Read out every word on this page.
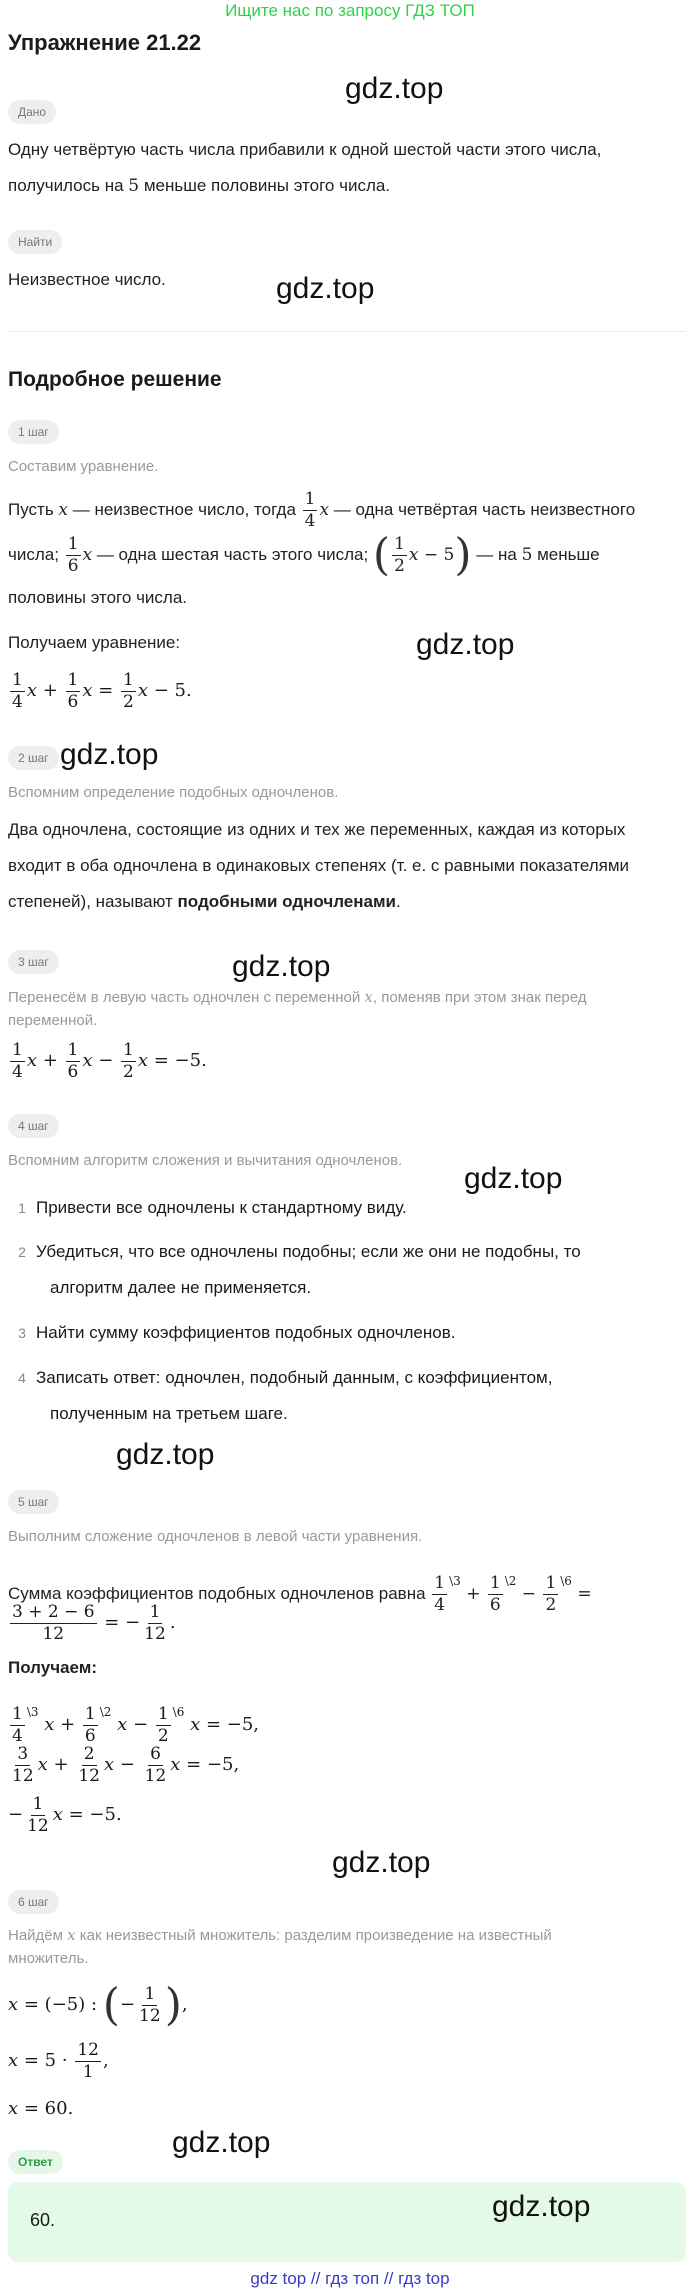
Ищите нас по запросу ГДЗ ТОП
Упражнение 21.22
gdz.top
Дано
Одну четвёртую часть числа прибавили к одной шестой части этого числа,
получилось на 5 меньше половины этого числа.
Найти
Неизвестное число.	gdz.top
Подробное решение
1 шаг
Составим уравнение.
Пусть x — неизвестное число, тогда $\frac{1}{4}$ x — одна четвёртая часть неизвестного
числа; $\frac{1}{6}$ x — одна шестая часть этого числа; ( $\frac{1}{2}$ x − 5) — на 5 меньше
половины этого числа.
Получаем уравнение:	gdz.top
$\frac{1}{4}$ $x + \frac{1}{6}$ $x = \frac{1}{2}$ x − 5.
2 шаг gdz.top
Вспомним определение подобных одночленов.
Два одночлена, состоящие из одних и тех же переменных, каждая из которых
входит в оба одночлена в одинаковых степенях (т. е. с равными показателями
степеней), называют подобными одночленами.
3 шаг	gdz.top
Перенесём в левую часть одночлен с переменной x, поменяв при этом знак перед
переменной.
$\frac{1}{4}$ $x + \frac{1}{6}$ $x - \frac{1}{2}$ x = −5.
4 шаг
Вспомним алгоритм сложения и вычитания одночленов.
gdz.top
1 Привести все одночлены к стандартному виду.
2 Убедиться, что все одночлены подобны; если же они не подобны, то
алгоритм далее не применяется.
3 Найти сумму коэффициентов подобных одночленов.
4 Записать ответ: одночлен, подобный данным, с коэффициентом,
полученным на третьем шаге.
gdz.top
5 шаг
Выполним сложение одночленов в левой части уравнения.
Сумма коэффициентов подобных одночленов равна $\frac{1}{4} ^{\backslash 3} + \frac{1}{6} ^{\backslash 2} - \frac{1}{2} ^{\backslash 6}$ =
$\frac{3 + 2 - 6}{12}$ = − $\frac{1}{12}$ .
Получаем:
$\frac{1}{4} ^{\backslash 3}$ $x + \frac{1}{6} ^{\backslash 2}$ $x - \frac{1}{2} ^{\backslash 6}$ x = −5,
$\frac{3}{12}$ $x + \frac{2}{12}$ $x - \frac{6}{12}$ x = −5,
− $\frac{1}{12}$ x = −5.
gdz.top
6 шаг
Найдём x как неизвестный множитель: разделим произведение на известный
множитель.
x = (−5) : (− $\frac{1}{12}$ ),
$x = 5 \cdot \frac{12}{1}$ ,
x = 60.
Ответ
gdz.top
60.	gdz.top
gdz top // гдз топ // гдз top
